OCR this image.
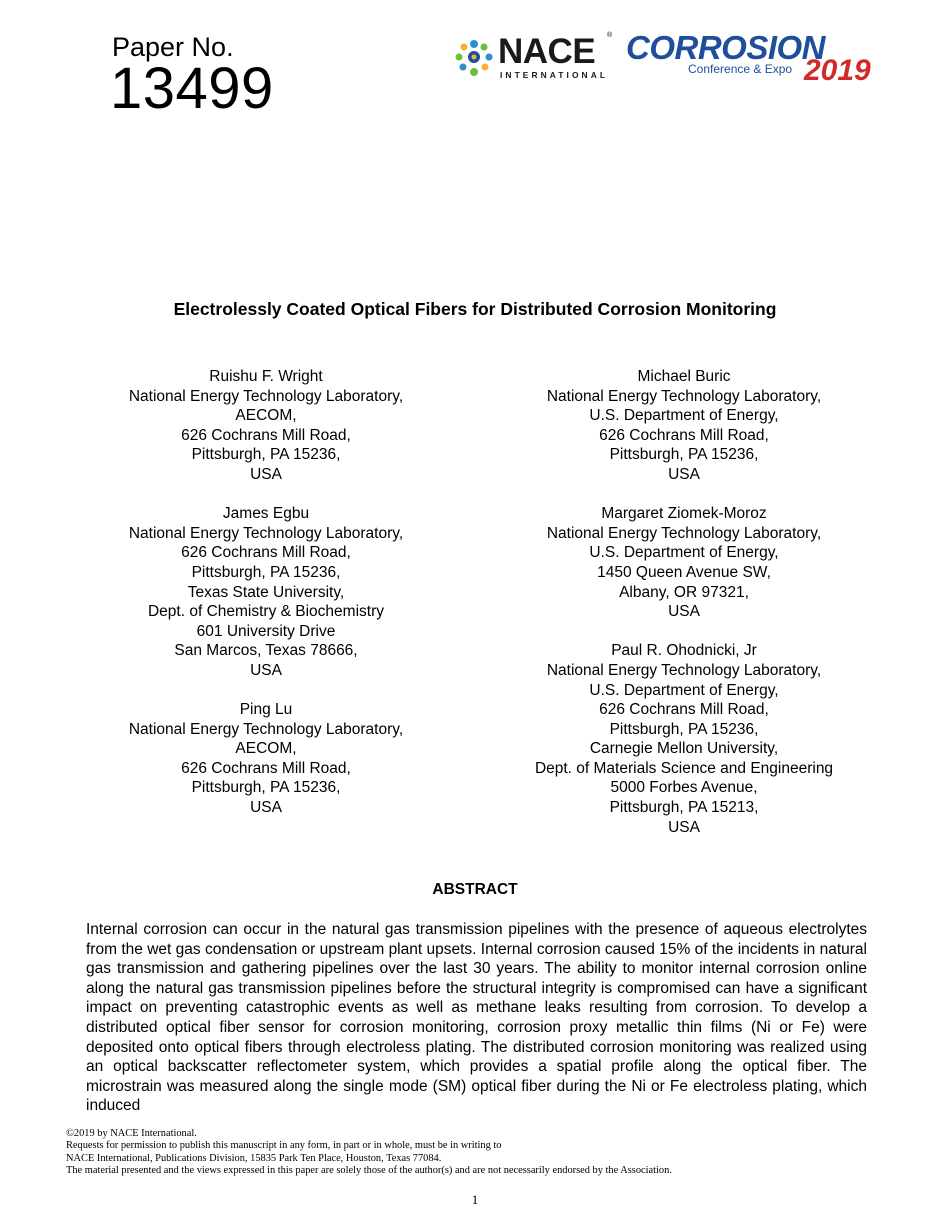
Paper No.
13499
NACE ®
INTERNATIONAL
CORROSION
Conference & Expo 2019
Electrolessly Coated Optical Fibers for Distributed Corrosion Monitoring
Ruishu F. Wright
National Energy Technology Laboratory,
AECOM,
626 Cochrans Mill Road,
Pittsburgh, PA 15236,
USA
James Egbu
National Energy Technology Laboratory,
626 Cochrans Mill Road,
Pittsburgh, PA 15236,
Texas State University,
Dept. of Chemistry & Biochemistry
601 University Drive
San Marcos, Texas 78666,
USA
Ping Lu
National Energy Technology Laboratory,
AECOM,
626 Cochrans Mill Road,
Pittsburgh, PA 15236,
USA
Michael Buric
National Energy Technology Laboratory,
U.S. Department of Energy,
626 Cochrans Mill Road,
Pittsburgh, PA 15236,
USA
Margaret Ziomek-Moroz
National Energy Technology Laboratory,
U.S. Department of Energy,
1450 Queen Avenue SW,
Albany, OR 97321,
USA
Paul R. Ohodnicki, Jr
National Energy Technology Laboratory,
U.S. Department of Energy,
626 Cochrans Mill Road,
Pittsburgh, PA 15236,
Carnegie Mellon University,
Dept. of Materials Science and Engineering
5000 Forbes Avenue,
Pittsburgh, PA 15213,
USA
ABSTRACT
Internal corrosion can occur in the natural gas transmission pipelines with the presence of aqueous electrolytes from the wet gas condensation or upstream plant upsets. Internal corrosion caused 15% of the incidents in natural gas transmission and gathering pipelines over the last 30 years. The ability to monitor internal corrosion online along the natural gas transmission pipelines before the structural integrity is compromised can have a significant impact on preventing catastrophic events as well as methane leaks resulting from corrosion. To develop a distributed optical fiber sensor for corrosion monitoring, corrosion proxy metallic thin films (Ni or Fe) were deposited onto optical fibers through electroless plating. The distributed corrosion monitoring was realized using an optical backscatter reflectometer system, which provides a spatial profile along the optical fiber. The microstrain was measured along the single mode (SM) optical fiber during the Ni or Fe electroless plating, which induced
©2019 by NACE International.
Requests for permission to publish this manuscript in any form, in part or in whole, must be in writing to
NACE International, Publications Division, 15835 Park Ten Place, Houston, Texas 77084.
The material presented and the views expressed in this paper are solely those of the author(s) and are not necessarily endorsed by the Association.
1
